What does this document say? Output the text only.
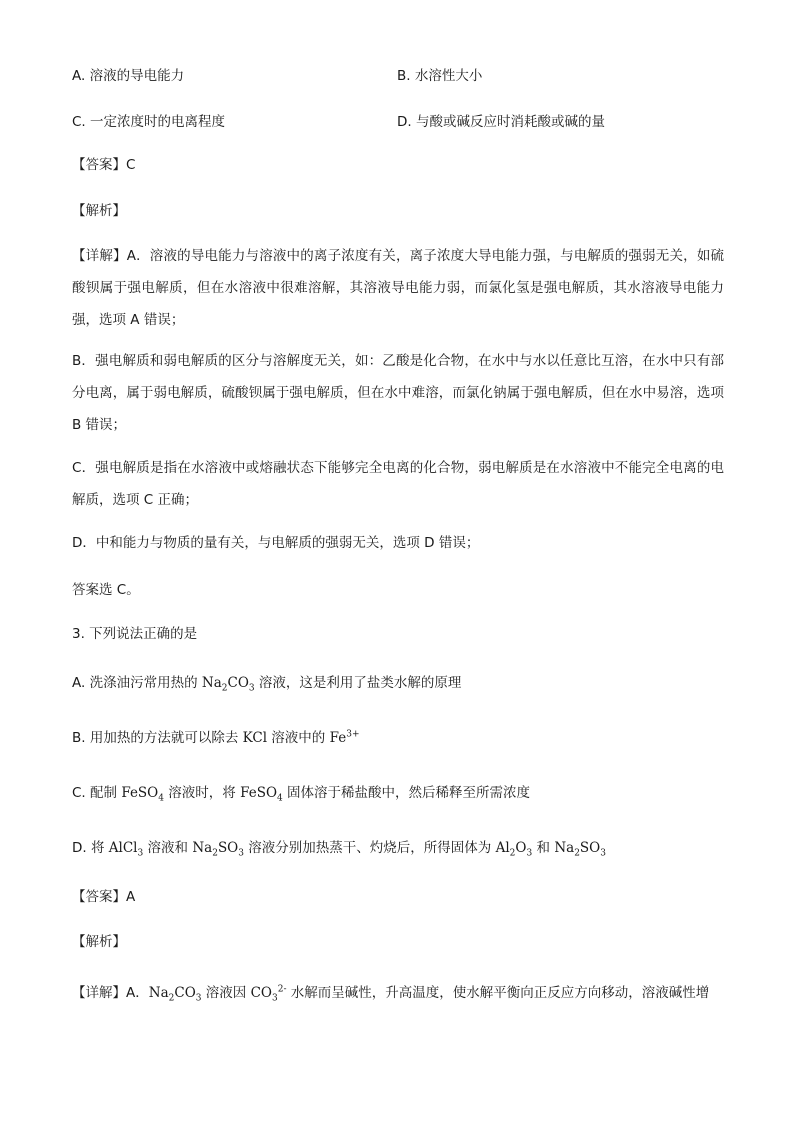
A. 溶液的导电能力	B. 水溶性大小
C. 一定浓度时的电离程度	D. 与酸或碱反应时消耗酸或碱的量
【答案】C
【解析】
【详解】A．溶液的导电能力与溶液中的离子浓度有关，离子浓度大导电能力强，与电解质的强弱无关，如硫酸钡属于强电解质，但在水溶液中很难溶解，其溶液导电能力弱，而氯化氢是强电解质，其水溶液导电能力强，选项 A 错误；
B．强电解质和弱电解质的区分与溶解度无关，如：乙酸是化合物，在水中与水以任意比互溶，在水中只有部分电离，属于弱电解质，硫酸钡属于强电解质，但在水中难溶，而氯化钠属于强电解质，但在水中易溶，选项 B 错误；
C．强电解质是指在水溶液中或熔融状态下能够完全电离的化合物，弱电解质是在水溶液中不能完全电离的电解质，选项 C 正确；
D．中和能力与物质的量有关，与电解质的强弱无关，选项 D 错误；
答案选 C。
3. 下列说法正确的是
A. 洗涤油污常用热的 $Na_2CO_3$ 溶液，这是利用了盐类水解的原理
B. 用加热的方法就可以除去 KCl 溶液中的 $Fe^{3+}$
C. 配制 FeSO$_4$ 溶液时，将 FeSO$_4$ 固体溶于稀盐酸中，然后稀释至所需浓度
D. 将 AlCl$_3$ 溶液和 $Na_2SO_3$ 溶液分别加热蒸干、灼烧后，所得固体为 $Al_2O_3$ 和 $Na_2SO_3$
【答案】A
【解析】
【详解】A．$Na_2CO_3$ 溶液因 $CO_3^{2-}$ 水解而呈碱性，升高温度，使水解平衡向正反应方向移动，溶液碱性增
